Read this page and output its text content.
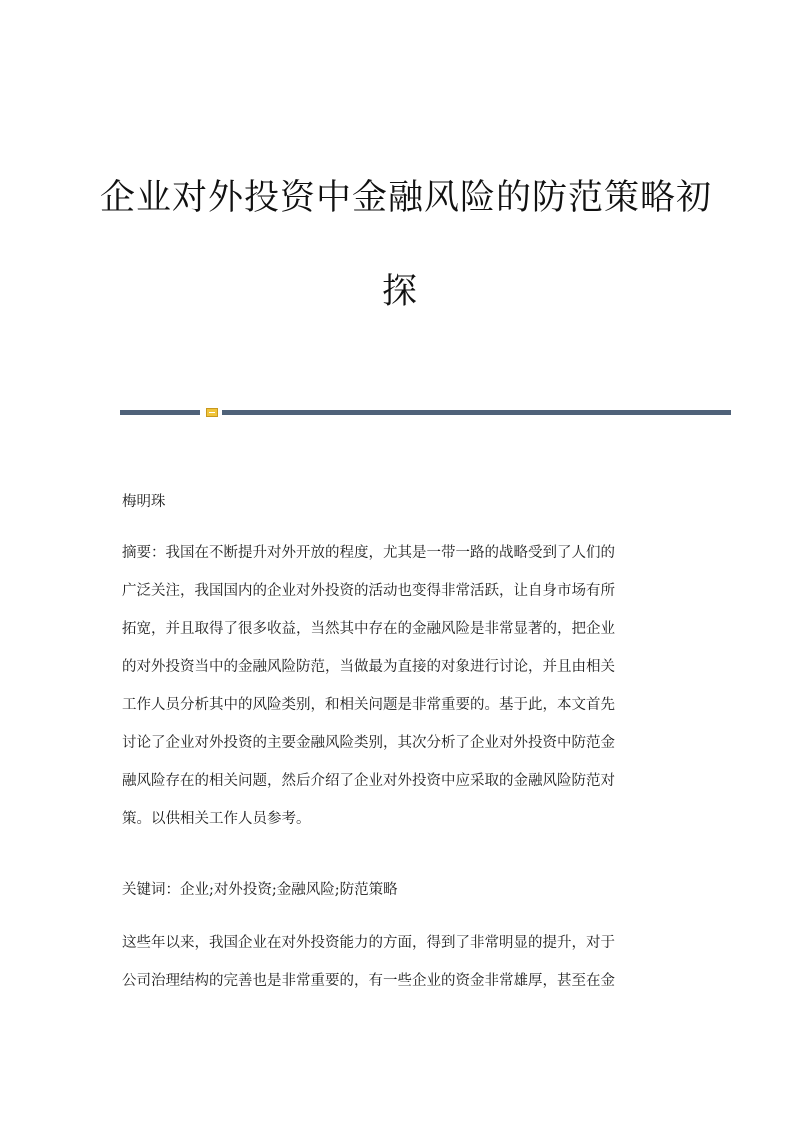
企业对外投资中金融风险的防范策略初
探
梅明珠
摘要：我国在不断提升对外开放的程度，尤其是一带一路的战略受到了人们的
广泛关注，我国国内的企业对外投资的活动也变得非常活跃，让自身市场有所
拓宽，并且取得了很多收益，当然其中存在的金融风险是非常显著的，把企业
的对外投资当中的金融风险防范，当做最为直接的对象进行讨论，并且由相关
工作人员分析其中的风险类别，和相关问题是非常重要的。基于此，本文首先
讨论了企业对外投资的主要金融风险类别，其次分析了企业对外投资中防范金
融风险存在的相关问题，然后介绍了企业对外投资中应采取的金融风险防范对
策。以供相关工作人员参考。
关键词：企业;对外投资;金融风险;防范策略
这些年以来，我国企业在对外投资能力的方面，得到了非常明显的提升，对于
公司治理结构的完善也是非常重要的，有一些企业的资金非常雄厚，甚至在金
